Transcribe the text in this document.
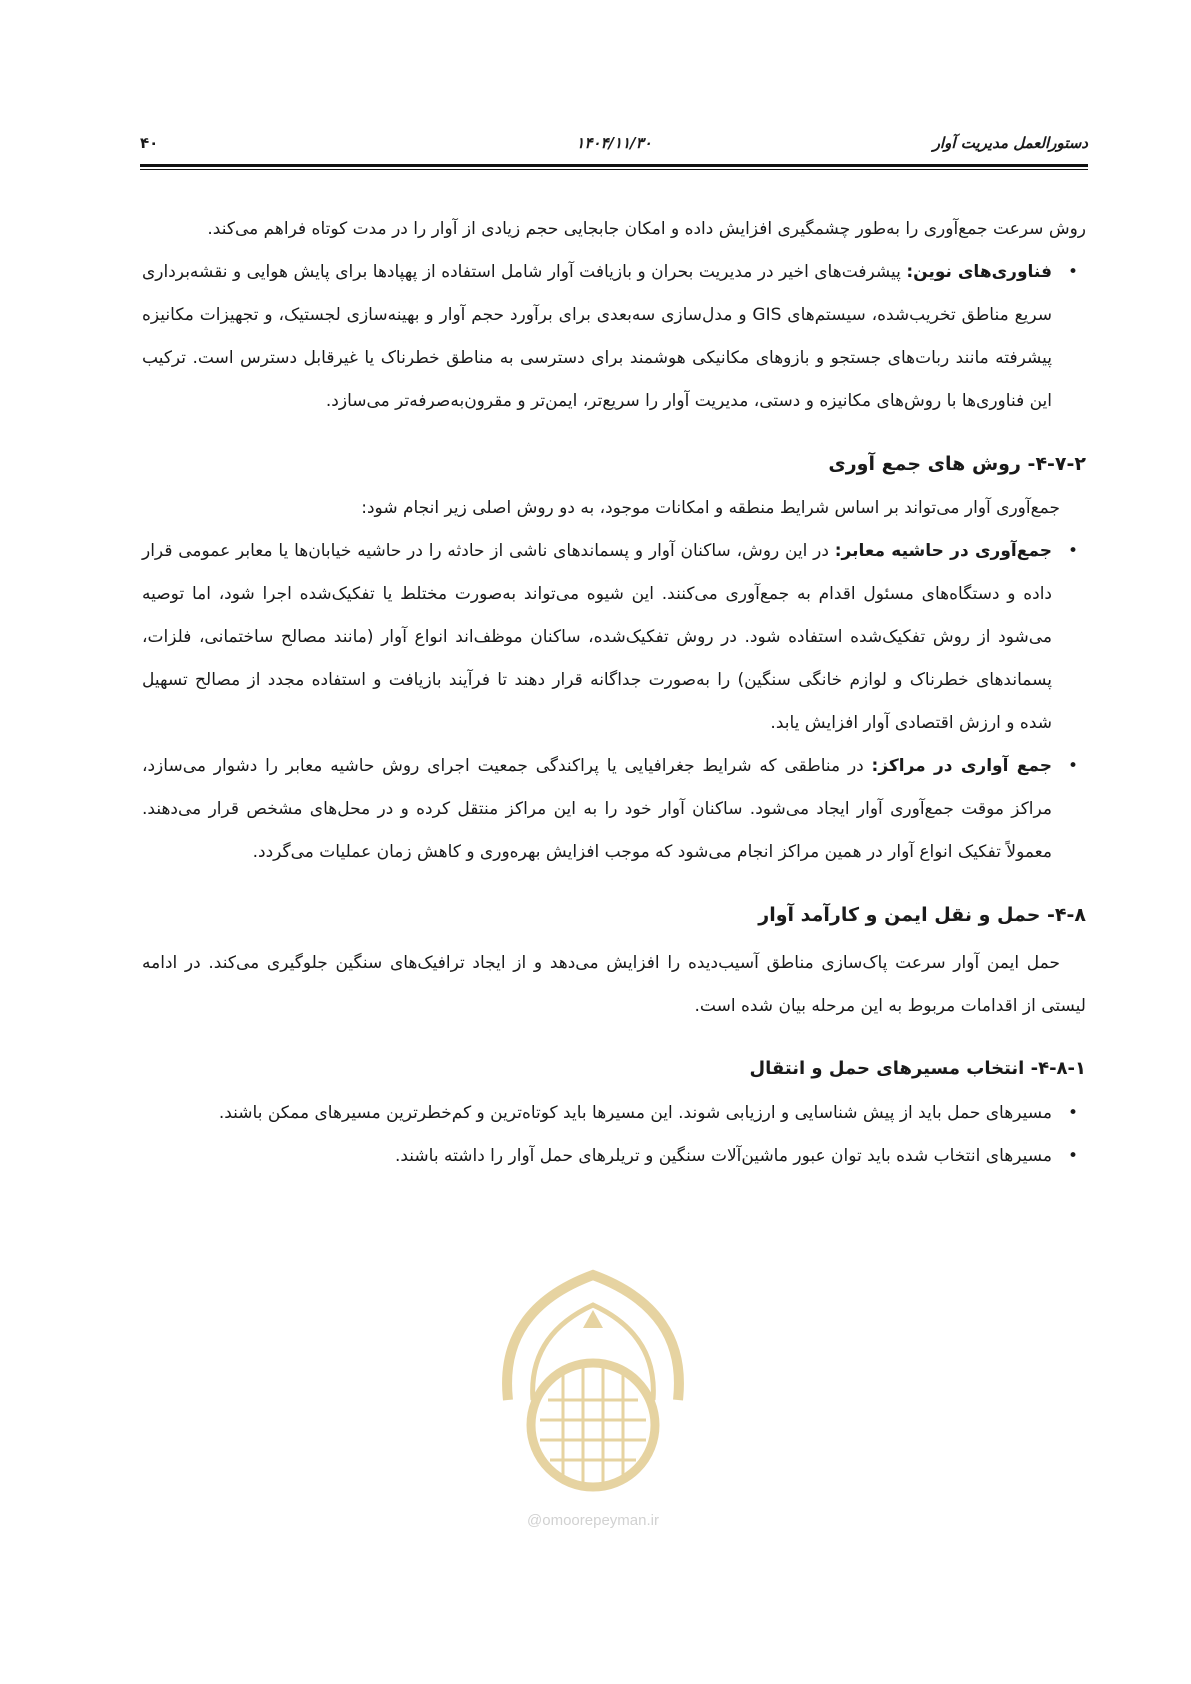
دستورالعمل مدیریت آوار
۱۴۰۴/۱۱/۳۰
۴۰

روش سرعت جمع‌آوری را به‌طور چشمگیری افزایش داده و امکان جابجایی حجم زیادی از آوار را در مدت کوتاه فراهم می‌کند.

• فناوری‌های نوین: پیشرفت‌های اخیر در مدیریت بحران و بازیافت آوار شامل استفاده از پهپادها برای پایش هوایی و نقشه‌برداری سریع مناطق تخریب‌شده، سیستم‌های GIS و مدل‌سازی سه‌بعدی برای برآورد حجم آوار و بهینه‌سازی لجستیک، و تجهیزات مکانیزه پیشرفته مانند ربات‌های جستجو و بازوهای مکانیکی هوشمند برای دسترسی به مناطق خطرناک یا غیرقابل دسترس است. ترکیب این فناوری‌ها با روش‌های مکانیزه و دستی، مدیریت آوار را سریع‌تر، ایمن‌تر و مقرون‌به‌صرفه‌تر می‌سازد.
۴-۷-۲- روش های جمع آوری

جمع‌آوری آوار می‌تواند بر اساس شرایط منطقه و امکانات موجود، به دو روش اصلی زیر انجام شود:

• جمع‌آوری در حاشیه معابر: در این روش، ساکنان آوار و پسماندهای ناشی از حادثه را در حاشیه خیابان‌ها یا معابر عمومی قرار داده و دستگاه‌های مسئول اقدام به جمع‌آوری می‌کنند. این شیوه می‌تواند به‌صورت مختلط یا تفکیک‌شده اجرا شود، اما توصیه می‌شود از روش تفکیک‌شده استفاده شود. در روش تفکیک‌شده، ساکنان موظف‌اند انواع آوار (مانند مصالح ساختمانی، فلزات، پسماندهای خطرناک و لوازم خانگی سنگین) را به‌صورت جداگانه قرار دهند تا فرآیند بازیافت و استفاده مجدد از مصالح تسهیل شده و ارزش اقتصادی آوار افزایش یابد.
• جمع آواری در مراکز: در مناطقی که شرایط جغرافیایی یا پراکندگی جمعیت اجرای روش حاشیه معابر را دشوار می‌سازد، مراکز موقت جمع‌آوری آوار ایجاد می‌شود. ساکنان آوار خود را به این مراکز منتقل کرده و در محل‌های مشخص قرار می‌دهند. معمولاً تفکیک انواع آوار در همین مراکز انجام می‌شود که موجب افزایش بهره‌وری و کاهش زمان عملیات می‌گردد.
۴-۸- حمل و نقل ایمن و کارآمد آوار

حمل ایمن آوار سرعت پاک‌سازی مناطق آسیب‌دیده را افزایش می‌دهد و از ایجاد ترافیک‌های سنگین جلوگیری می‌کند. در ادامه لیستی از اقدامات مربوط به این مرحله بیان شده است.

۴-۸-۱- انتخاب مسیرهای حمل و انتقال
• مسیرهای حمل باید از پیش شناسایی و ارزیابی شوند. این مسیرها باید کوتاه‌ترین و کم‌خطرترین مسیرهای ممکن باشند.
• مسیرهای انتخاب شده باید توان عبور ماشین‌آلات سنگین و تریلرهای حمل آوار را داشته باشند.
@omoorepeyman.ir
